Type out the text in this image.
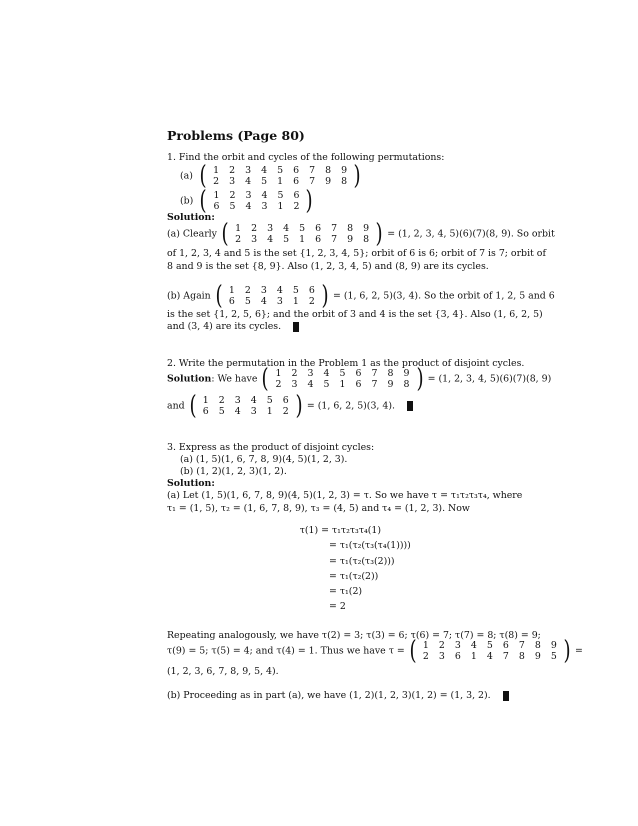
Problems (Page 80)
1. Find the orbit and cycles of the following permutations:
(a) ( 1	2	3	4	5	6	7	8	9
2	3	4	5	1	6	7	9	8 )
(b) ( 1	2	3	4	5	6
6	5	4	3	1	2 )
Solution:
(a) Clearly ( 1	2	3	4	5	6	7	8	9
2	3	4	5	1	6	7	9	8 ) = (1, 2, 3, 4, 5)(6)(7)(8, 9). So orbit
of 1, 2, 3, 4 and 5 is the set {1, 2, 3, 4, 5}; orbit of 6 is 6; orbit of 7 is 7; orbit of
8 and 9 is the set {8, 9}. Also (1, 2, 3, 4, 5) and (8, 9) are its cycles.
(b) Again ( 1	2	3	4	5	6
6	5	4	3	1	2 ) = (1, 6, 2, 5)(3, 4). So the orbit of 1, 2, 5 and 6
is the set {1, 2, 5, 6}; and the orbit of 3 and 4 is the set {3, 4}. Also (1, 6, 2, 5)
and (3, 4) are its cycles.
2. Write the permutation in the Problem 1 as the product of disjoint cycles.
Solution: We have ( 1	2	3	4	5	6	7	8	9
2	3	4	5	1	6	7	9	8 ) = (1, 2, 3, 4, 5)(6)(7)(8, 9)
and ( 1	2	3	4	5	6
6	5	4	3	1	2 ) = (1, 6, 2, 5)(3, 4).
3. Express as the product of disjoint cycles:
(a) (1, 5)(1, 6, 7, 8, 9)(4, 5)(1, 2, 3).
(b) (1, 2)(1, 2, 3)(1, 2).
Solution:
(a) Let (1, 5)(1, 6, 7, 8, 9)(4, 5)(1, 2, 3) = τ. So we have τ = τ₁τ₂τ₃τ₄, where
τ₁ = (1, 5), τ₂ = (1, 6, 7, 8, 9), τ₃ = (4, 5) and τ₄ = (1, 2, 3). Now
τ(1) = τ₁τ₂τ₃τ₄(1)
= τ₁(τ₂(τ₃(τ₄(1))))
= τ₁(τ₂(τ₃(2)))
= τ₁(τ₂(2))
= τ₁(2)
= 2
Repeating analogously, we have τ(2) = 3; τ(3) = 6; τ(6) = 7; τ(7) = 8; τ(8) = 9;
τ(9) = 5; τ(5) = 4; and τ(4) = 1. Thus we have τ = ( 1	2	3	4	5	6	7	8	9
2	3	6	1	4	7	8	9	5 ) =
(1, 2, 3, 6, 7, 8, 9, 5, 4).
(b) Proceeding as in part (a), we have (1, 2)(1, 2, 3)(1, 2) = (1, 3, 2).
